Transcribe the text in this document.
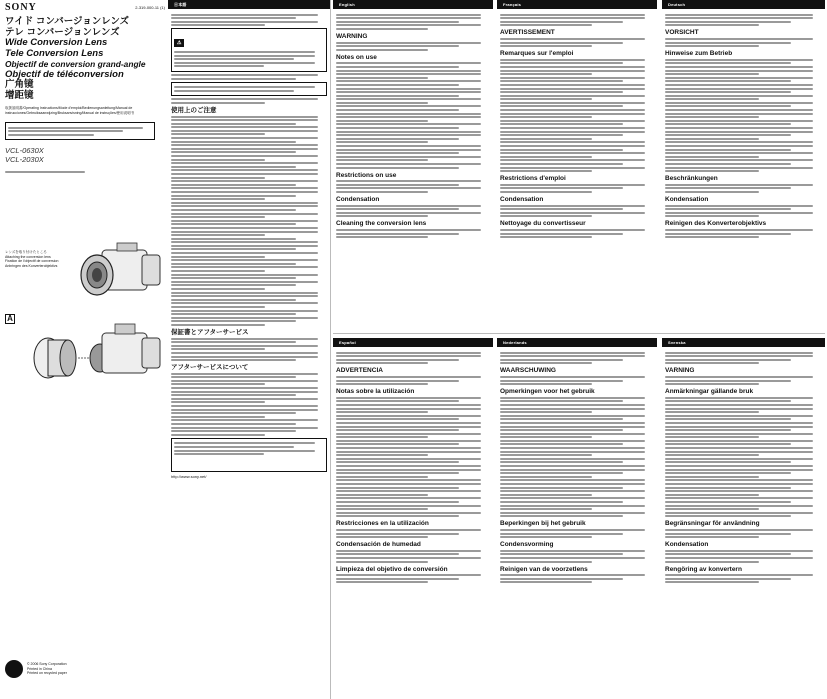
SONY	2-319-000-11 (1)
ワイド コンバージョンレンズ
テレ コンバージョンレンズ
Wide Conversion Lens
Tele Conversion Lens
Objectif de conversion grand-angle
Objectif de téléconversion
广角镜
增距镜
取扱説明書/Operating Instructions/Mode d'emploi/Bedienungsanleitung/Manual de instrucciones/Gebruiksaanwijzing/Bruksanvisning/Manual de instruções/使用说明书
VCL-0630X
VCL-2030X
レンズを取り付けたところ
Attaching the conversion lens
Fixation de l'objectif de conversion
Anbringen des Konverterobjektivs
A
© 2006 Sony Corporation
Printed in China
Printed on recycled paper
日本語
⚠
使用上のご注意
保証書とアフターサービス
アフターサービスについて
http://www.sony.net/
English
WARNING
Notes on use
Restrictions on use
Condensation
Cleaning the conversion lens
Français
AVERTISSEMENT
Remarques sur l'emploi
Restrictions d'emploi
Condensation
Nettoyage du convertisseur
Deutsch
VORSICHT
Hinweise zum Betrieb
Beschränkungen
Kondensation
Reinigen des Konverterobjektivs
Español
ADVERTENCIA
Notas sobre la utilización
Restricciones en la utilización
Condensación de humedad
Limpieza del objetivo de conversión
Nederlands
WAARSCHUWING
Opmerkingen voor het gebruik
Beperkingen bij het gebruik
Condensvorming
Reinigen van de voorzetlens
Svenska
VARNING
Anmärkningar gällande bruk
Begränsningar för användning
Kondensation
Rengöring av konvertern
